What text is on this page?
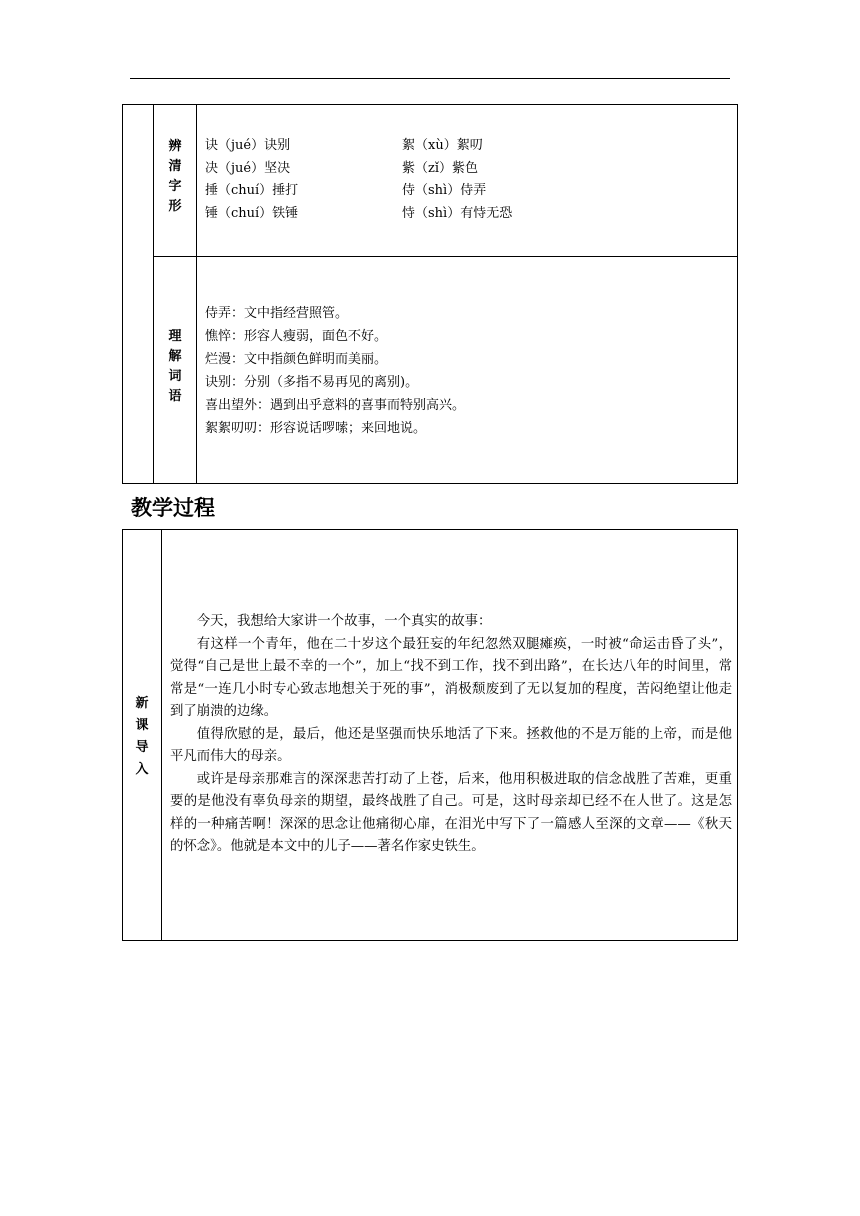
辨
清
字
形
诀（jué）诀别	絮（xù）絮叨
决（jué）坚决	紫（zǐ）紫色
捶（chuí）捶打	侍（shì）侍弄
锤（chuí）铁锤	恃（shì）有恃无恐
理
解
词
语
侍弄：文中指经营照管。
憔悴：形容人瘦弱，面色不好。
烂漫：文中指颜色鲜明而美丽。
诀别：分别（多指不易再见的离别)。
喜出望外：遇到出乎意料的喜事而特别高兴。
絮絮叨叨：形容说话啰嗦；来回地说。
教学过程
新
课
导
入

今天，我想给大家讲一个故事，一个真实的故事：

有这样一个青年，他在二十岁这个最狂妄的年纪忽然双腿瘫痪，一时被“命运击昏了头”，觉得“自己是世上最不幸的一个”，加上“找不到工作，找不到出路”，在长达八年的时间里，常常是“一连几小时专心致志地想关于死的事”，消极颓废到了无以复加的程度，苦闷绝望让他走到了崩溃的边缘。

值得欣慰的是，最后，他还是坚强而快乐地活了下来。拯救他的不是万能的上帝，而是他平凡而伟大的母亲。

或许是母亲那难言的深深悲苦打动了上苍，后来，他用积极进取的信念战胜了苦难，更重要的是他没有辜负母亲的期望，最终战胜了自己。可是，这时母亲却已经不在人世了。这是怎样的一种痛苦啊！深深的思念让他痛彻心扉，在泪光中写下了一篇感人至深的文章——《秋天的怀念》。他就是本文中的儿子——著名作家史铁生。
